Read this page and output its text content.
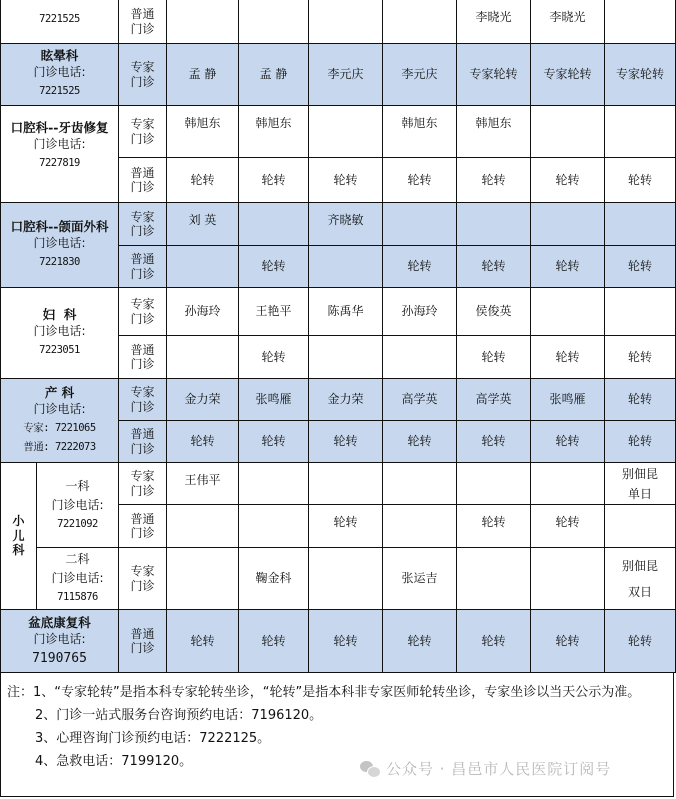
7221525		普通
门诊					李晓光	李晓光	

眩晕科
门诊电话:
7221525		专家
门诊	孟 静	孟 静	李元庆	李元庆	专家轮转	专家轮转	专家轮转

口腔科--牙齿修复
门诊电话:
7227819		专家
门诊	韩旭东	韩旭东		韩旭东	韩旭东		

		普通
门诊	轮转	轮转	轮转	轮转	轮转	轮转	轮转

口腔科--颌面外科
门诊电话:
7221830		专家
门诊	刘 英		齐晓敏				

		普通
门诊		轮转		轮转	轮转	轮转	轮转

妇  科
门诊电话:
7223051		专家
门诊	孙海玲	王艳平	陈禹华	孙海玲	侯俊英		

		普通
门诊		轮转			轮转	轮转	轮转

产 科
门诊电话:
专家: 7221065
普通: 7222073		专家
门诊	金力荣	张鸣雁	金力荣	高学英	高学英	张鸣雁	轮转

		普通
门诊	轮转	轮转	轮转	轮转	轮转	轮转	轮转

小
儿
科	一科
门诊电话:
7221092	专家
门诊	王伟平						别佃昆
单日

		普通
门诊			轮转		轮转	轮转	

	二科
门诊电话:
7115876	专家
门诊		鞠金科		张运吉			别佃昆
双日

盆底康复科
门诊电话:
7190765		普通
门诊	轮转	轮转	轮转	轮转	轮转	轮转	轮转
注：1、“专家轮转”是指本科专家轮转坐诊，“轮转”是指本科非专家医师轮转坐诊，专家坐诊以当天公示为准。
2、门诊一站式服务台咨询预约电话：7196120。
3、心理咨询门诊预约电话：7222125。
4、急救电话：7199120。	公众号 · 昌邑市人民医院订阅号
